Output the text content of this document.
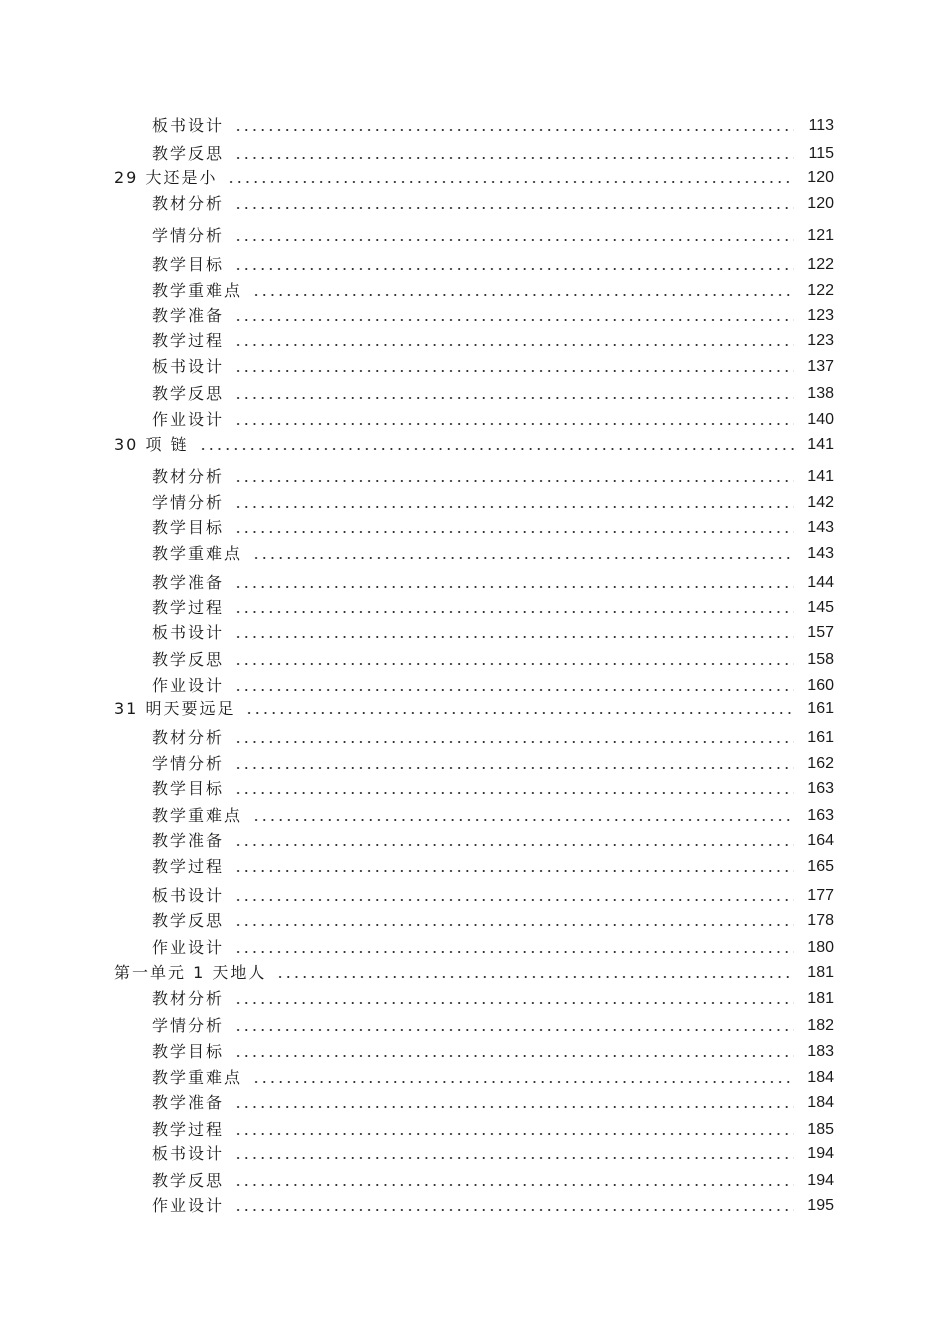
板书设计	113
教学反思	115
29 大还是小	120
教材分析	120
学情分析	121
教学目标	122
教学重难点	122
教学准备	123
教学过程	123
板书设计	137
教学反思	138
作业设计	140
30 项 链	141
教材分析	141
学情分析	142
教学目标	143
教学重难点	143
教学准备	144
教学过程	145
板书设计	157
教学反思	158
作业设计	160
31 明天要远足	161
教材分析	161
学情分析	162
教学目标	163
教学重难点	163
教学准备	164
教学过程	165
板书设计	177
教学反思	178
作业设计	180
第一单元 1 天地人	181
教材分析	181
学情分析	182
教学目标	183
教学重难点	184
教学准备	184
教学过程	185
板书设计	194
教学反思	194
作业设计	195
